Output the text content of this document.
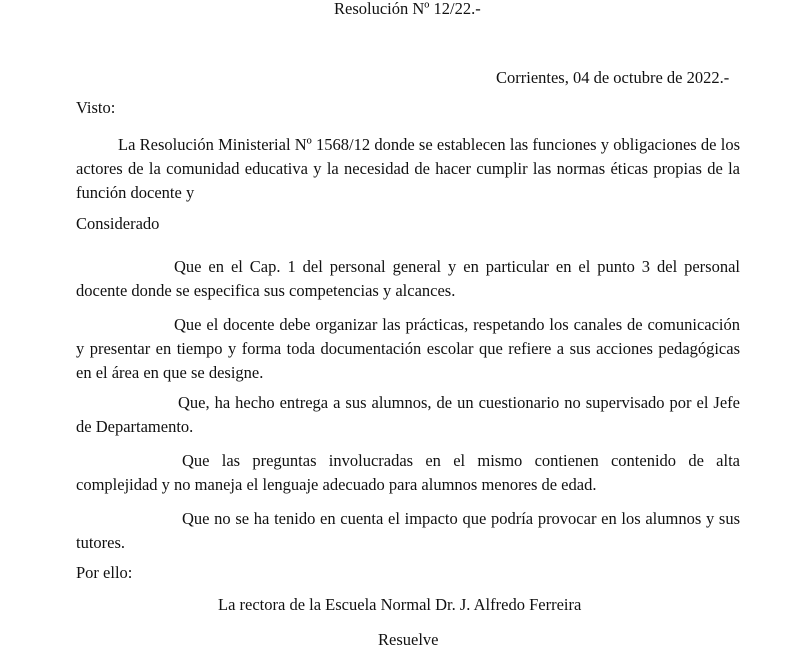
Resolución Nº 12/22.-
Corrientes, 04 de octubre de 2022.-
Visto:

La Resolución Ministerial Nº 1568/12 donde se establecen las funciones y obligaciones de los actores de la comunidad educativa y la necesidad de hacer cumplir las normas éticas propias de la función docente y

Considerado

Que en el Cap. 1 del personal general y en particular en el punto 3 del personal docente donde se especifica sus competencias y alcances.

Que el docente debe organizar las prácticas, respetando los canales de comunicación y presentar en tiempo y forma toda documentación escolar que refiere a sus acciones pedagógicas en el área en que se designe.

Que, ha hecho entrega a sus alumnos, de un cuestionario no supervisado por el Jefe de Departamento.

Que las preguntas involucradas en el mismo contienen contenido de alta complejidad y no maneja el lenguaje adecuado para alumnos menores de edad.

Que no se ha tenido en cuenta el impacto que podría provocar en los alumnos y sus tutores.

Por ello:
La rectora de la Escuela Normal Dr. J. Alfredo Ferreira
Resuelve
